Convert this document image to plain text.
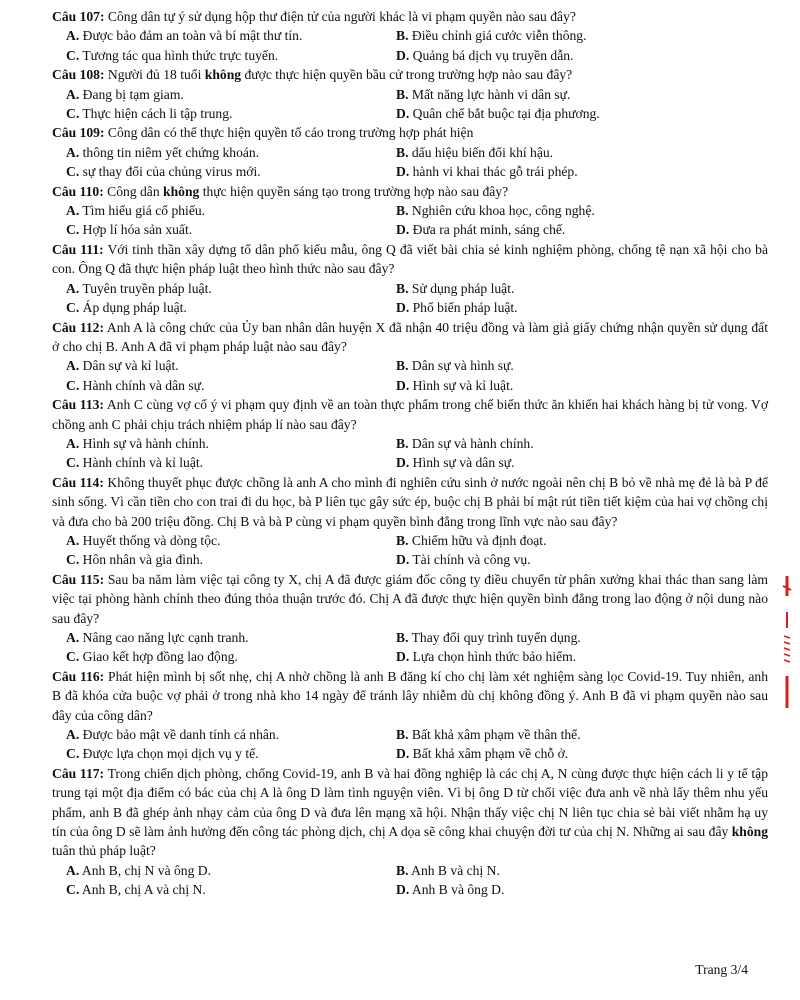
Câu 107: Công dân tự ý sử dụng hộp thư điện tử của người khác là vi phạm quyền nào sau đây?
A. Được bảo đảm an toàn và bí mật thư tín.	B. Điều chỉnh giá cước viễn thông.
C. Tương tác qua hình thức trực tuyến.	D. Quảng bá dịch vụ truyền dẫn.
Câu 108: Người đủ 18 tuổi không được thực hiện quyền bầu cử trong trường hợp nào sau đây?
A. Đang bị tạm giam.	B. Mất năng lực hành vi dân sự.
C. Thực hiện cách li tập trung.	D. Quân chế bắt buộc tại địa phương.
Câu 109: Công dân có thể thực hiện quyền tố cáo trong trường hợp phát hiện
A. thông tin niêm yết chứng khoán.	B. dấu hiệu biến đổi khí hậu.
C. sự thay đổi của chủng virus mới.	D. hành vi khai thác gỗ trái phép.
Câu 110: Công dân không thực hiện quyền sáng tạo trong trường hợp nào sau đây?
A. Tìm hiểu giá cổ phiếu.	B. Nghiên cứu khoa học, công nghệ.
C. Hợp lí hóa sản xuất.	D. Đưa ra phát minh, sáng chế.
Câu 111: Với tinh thần xây dựng tổ dân phố kiểu mẫu, ông Q đã viết bài chia sẻ kinh nghiệm phòng, chống tệ nạn xã hội cho bà con. Ông Q đã thực hiện pháp luật theo hình thức nào sau đây?
A. Tuyên truyền pháp luật.	B. Sử dụng pháp luật.
C. Áp dụng pháp luật.	D. Phổ biến pháp luật.
Câu 112: Anh A là công chức của Ủy ban nhân dân huyện X đã nhận 40 triệu đồng và làm giả giấy chứng nhận quyền sử dụng đất ở cho chị B. Anh A đã vi phạm pháp luật nào sau đây?
A. Dân sự và kỉ luật.	B. Dân sự và hình sự.
C. Hành chính và dân sự.	D. Hình sự và kỉ luật.
Câu 113: Anh C cùng vợ cố ý vi phạm quy định về an toàn thực phẩm trong chế biến thức ăn khiến hai khách hàng bị tử vong. Vợ chồng anh C phải chịu trách nhiệm pháp lí nào sau đây?
A. Hình sự và hành chính.	B. Dân sự và hành chính.
C. Hành chính và kỉ luật.	D. Hình sự và dân sự.
Câu 114: Không thuyết phục được chồng là anh A cho mình đi nghiên cứu sinh ở nước ngoài nên chị B bỏ về nhà mẹ đẻ là bà P để sinh sống. Vì cần tiền cho con trai đi du học, bà P liên tục gây sức ép, buộc chị B phải bí mật rút tiền tiết kiệm của hai vợ chồng chị và đưa cho bà 200 triệu đồng. Chị B và bà P cùng vi phạm quyền bình đẳng trong lĩnh vực nào sau đây?
A. Huyết thống và dòng tộc.	B. Chiếm hữu và định đoạt.
C. Hôn nhân và gia đình.	D. Tài chính và công vụ.
Câu 115: Sau ba năm làm việc tại công ty X, chị A đã được giám đốc công ty điều chuyển từ phân xưởng khai thác than sang làm việc tại phòng hành chính theo đúng thỏa thuận trước đó. Chị A đã được thực hiện quyền bình đẳng trong lao động ở nội dung nào sau đây?
A. Nâng cao năng lực cạnh tranh.	B. Thay đổi quy trình tuyển dụng.
C. Giao kết hợp đồng lao động.	D. Lựa chọn hình thức bảo hiểm.
Câu 116: Phát hiện mình bị sốt nhẹ, chị A nhờ chồng là anh B đăng kí cho chị làm xét nghiệm sàng lọc Covid-19. Tuy nhiên, anh B đã khóa cửa buộc vợ phải ở trong nhà kho 14 ngày để tránh lây nhiễm dù chị không đồng ý. Anh B đã vi phạm quyền nào sau đây của công dân?
A. Được bảo mật về danh tính cá nhân.	B. Bất khả xâm phạm về thân thể.
C. Được lựa chọn mọi dịch vụ y tế.	D. Bất khả xâm phạm về chỗ ở.
Câu 117: Trong chiến dịch phòng, chống Covid-19, anh B và hai đồng nghiệp là các chị A, N cùng được thực hiện cách li y tế tập trung tại một địa điểm có bác của chị A là ông D làm tình nguyện viên. Vì bị ông D từ chối việc đưa anh về nhà lấy thêm nhu yếu phẩm, anh B đã ghép ảnh nhạy cảm của ông D và đưa lên mạng xã hội. Nhận thấy việc chị N liên tục chia sẻ bài viết nhằm hạ uy tín của ông D sẽ làm ảnh hưởng đến công tác phòng dịch, chị A dọa sẽ công khai chuyện đời tư của chị N. Những ai sau đây không tuân thủ pháp luật?
A. Anh B, chị N và ông D.	B. Anh B và chị N.
C. Anh B, chị A và chị N.	D. Anh B và ông D.
Trang 3/4
